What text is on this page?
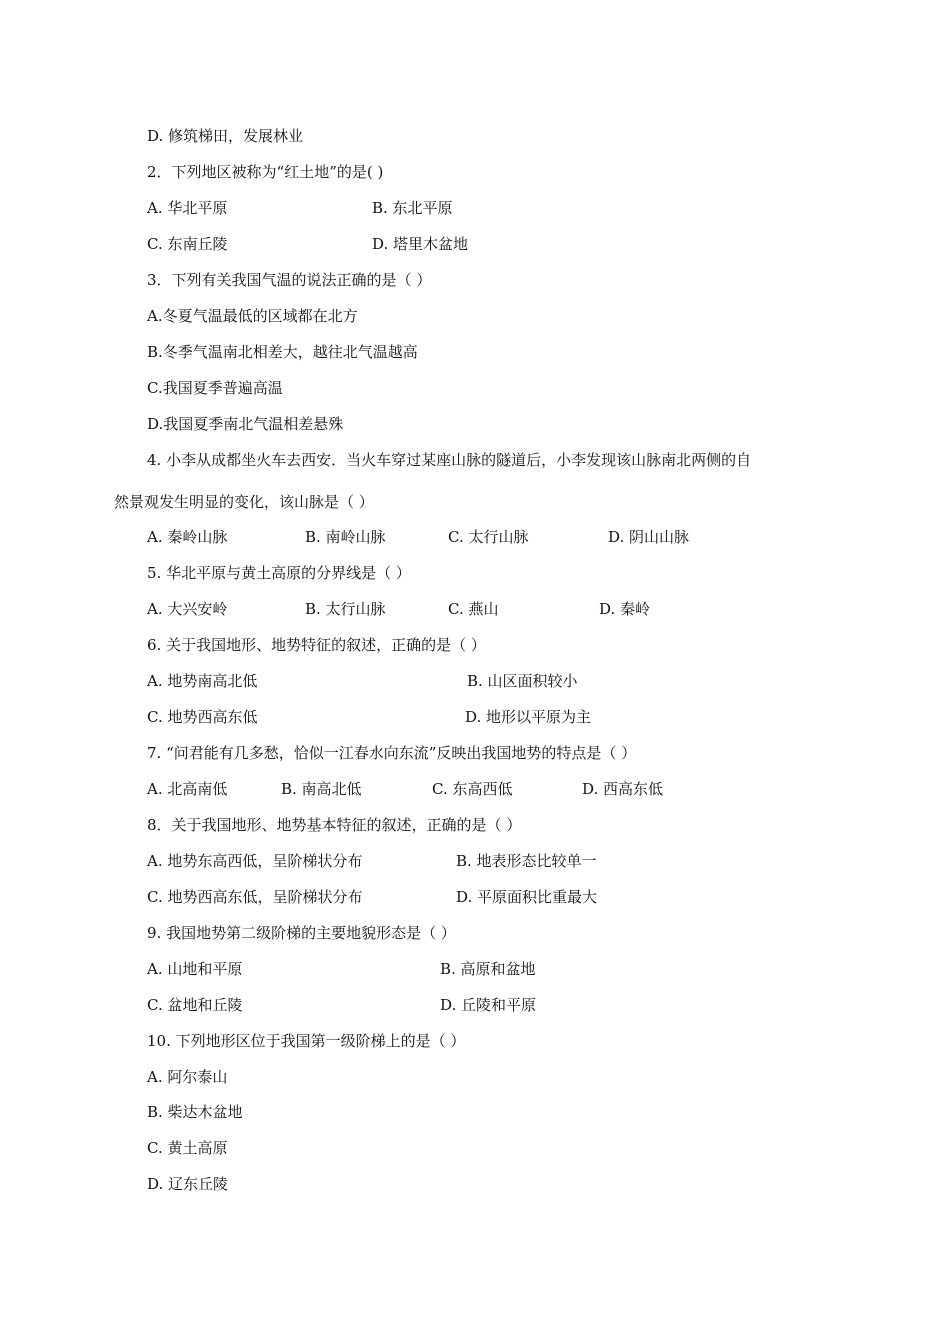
D. 修筑梯田，发展林业
2．下列地区被称为“红土地”的是( )
A. 华北平原	B. 东北平原
C. 东南丘陵	D. 塔里木盆地
3．下列有关我国气温的说法正确的是（ ）
A.冬夏气温最低的区域都在北方
B.冬季气温南北相差大，越往北气温越高
C.我国夏季普遍高温
D.我国夏季南北气温相差悬殊
4. 小李从成都坐火车去西安．当火车穿过某座山脉的隧道后，小李发现该山脉南北两侧的自
然景观发生明显的变化，该山脉是（ ）
A. 秦岭山脉	B. 南岭山脉	C. 太行山脉	D. 阴山山脉
5. 华北平原与黄土高原的分界线是（ ）
A. 大兴安岭	B. 太行山脉	C. 燕山	D. 秦岭
6. 关于我国地形、地势特征的叙述，正确的是（ ）
A. 地势南高北低	B. 山区面积较小
C. 地势西高东低	D. 地形以平原为主
7. “问君能有几多愁，恰似一江春水向东流”反映出我国地势的特点是（ ）
A. 北高南低	B. 南高北低	C. 东高西低	D. 西高东低
8．关于我国地形、地势基本特征的叙述，正确的是（ ）
A. 地势东高西低，呈阶梯状分布	B. 地表形态比较单一
C. 地势西高东低，呈阶梯状分布	D. 平原面积比重最大
9. 我国地势第二级阶梯的主要地貌形态是（ ）
A. 山地和平原	B. 高原和盆地
C. 盆地和丘陵	D. 丘陵和平原
10. 下列地形区位于我国第一级阶梯上的是（ ）
A. 阿尔泰山
B. 柴达木盆地
C. 黄土高原
D. 辽东丘陵
